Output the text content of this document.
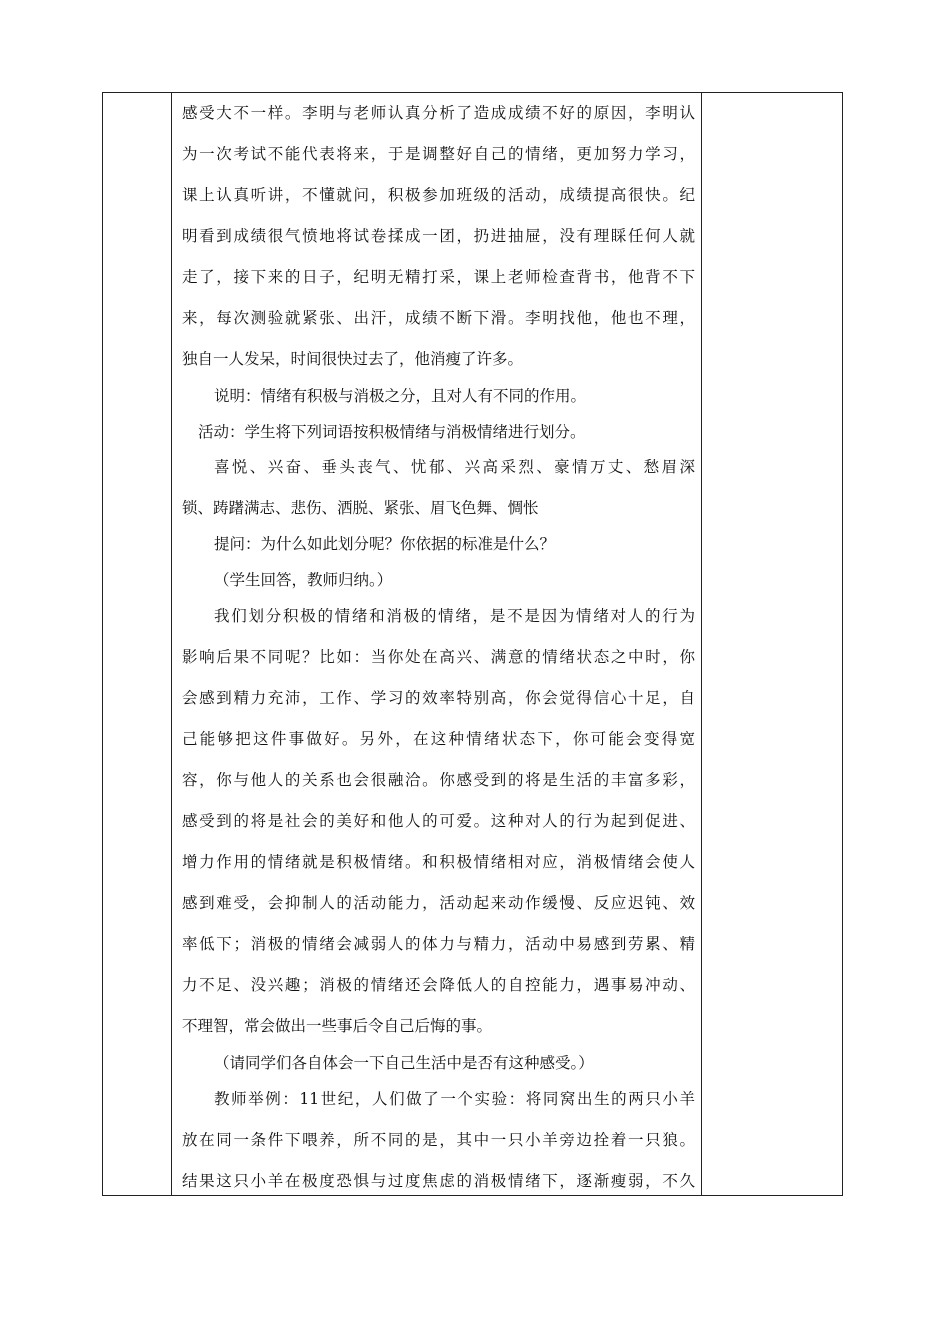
感受大不一样。李明与老师认真分析了造成成绩不好的原因，李明认
为一次考试不能代表将来，于是调整好自己的情绪，更加努力学习，
课上认真听讲，不懂就问，积极参加班级的活动，成绩提高很快。纪
明看到成绩很气愤地将试卷揉成一团，扔进抽屉，没有理睬任何人就
走了，接下来的日子，纪明无精打采，课上老师检查背书，他背不下
来，每次测验就紧张、出汗，成绩不断下滑。李明找他，他也不理，
独自一人发呆，时间很快过去了，他消瘦了许多。
说明：情绪有积极与消极之分，且对人有不同的作用。
活动：学生将下列词语按积极情绪与消极情绪进行划分。
喜悦、兴奋、垂头丧气、忧郁、兴高采烈、豪情万丈、愁眉深
锁、踌躇满志、悲伤、洒脱、紧张、眉飞色舞、惆怅
提问：为什么如此划分呢？你依据的标准是什么？
（学生回答，教师归纳。）
我们划分积极的情绪和消极的情绪，是不是因为情绪对人的行为
影响后果不同呢？比如：当你处在高兴、满意的情绪状态之中时，你
会感到精力充沛，工作、学习的效率特别高，你会觉得信心十足，自
己能够把这件事做好。另外，在这种情绪状态下，你可能会变得宽
容，你与他人的关系也会很融洽。你感受到的将是生活的丰富多彩，
感受到的将是社会的美好和他人的可爱。这种对人的行为起到促进、
增力作用的情绪就是积极情绪。和积极情绪相对应，消极情绪会使人
感到难受，会抑制人的活动能力，活动起来动作缓慢、反应迟钝、效
率低下；消极的情绪会减弱人的体力与精力，活动中易感到劳累、精
力不足、没兴趣；消极的情绪还会降低人的自控能力，遇事易冲动、
不理智，常会做出一些事后令自己后悔的事。
（请同学们各自体会一下自己生活中是否有这种感受。）
教师举例：11世纪，人们做了一个实验：将同窝出生的两只小羊
放在同一条件下喂养，所不同的是，其中一只小羊旁边拴着一只狼。
结果这只小羊在极度恐惧与过度焦虑的消极情绪下，逐渐瘦弱，不久
